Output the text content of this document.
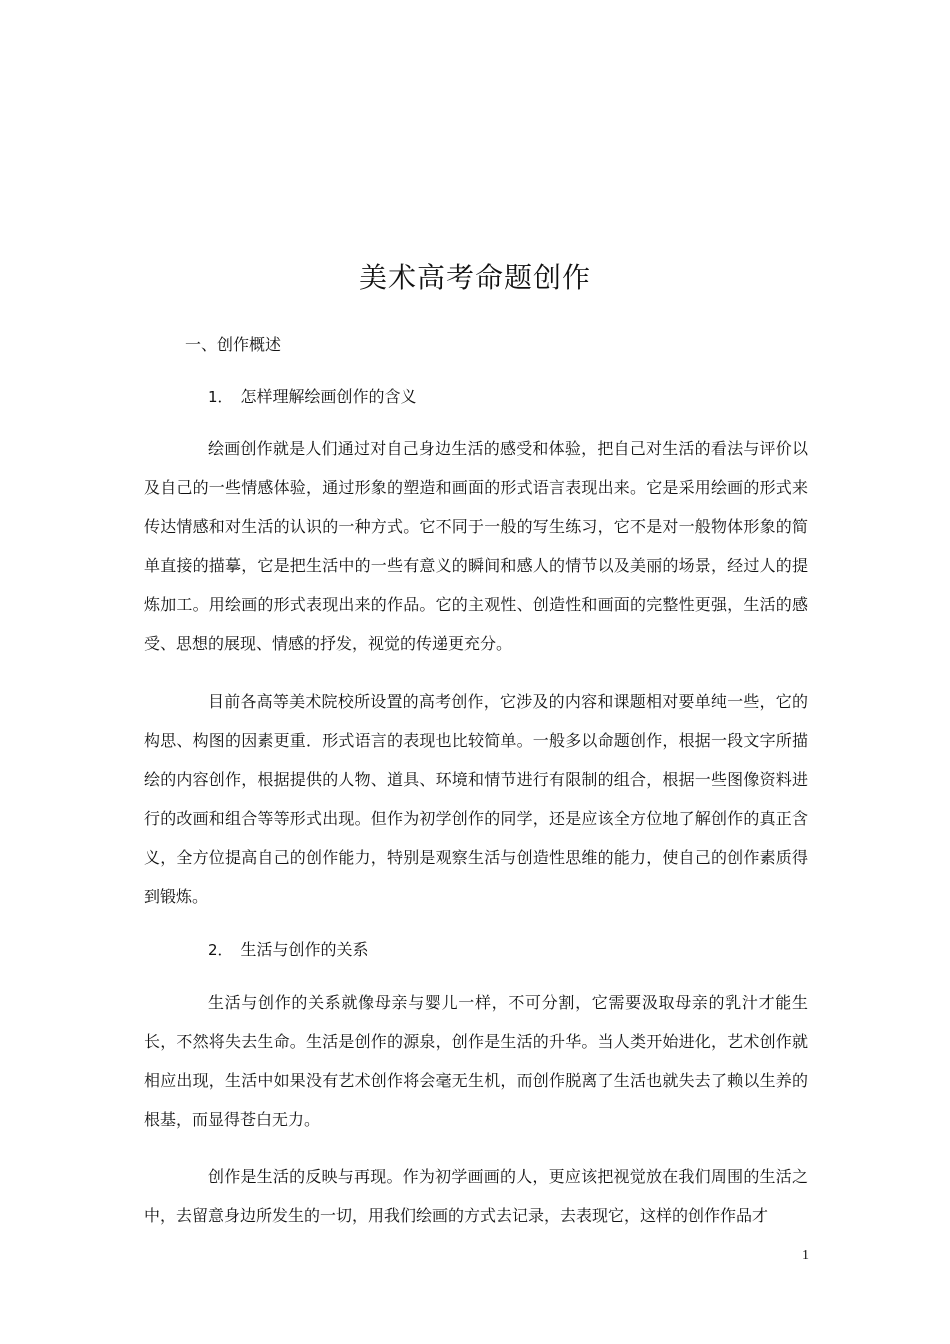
美术高考命题创作
一、创作概述
1． 怎样理解绘画创作的含义

绘画创作就是人们通过对自己身边生活的感受和体验，把自己对生活的看法与评价以及自己的一些情感体验，通过形象的塑造和画面的形式语言表现出来。它是采用绘画的形式来传达情感和对生活的认识的一种方式。它不同于一般的写生练习，它不是对一般物体形象的简单直接的描摹，它是把生活中的一些有意义的瞬间和感人的情节以及美丽的场景，经过人的提炼加工。用绘画的形式表现出来的作品。它的主观性、创造性和画面的完整性更强，生活的感受、思想的展现、情感的抒发，视觉的传递更充分。

目前各高等美术院校所设置的高考创作，它涉及的内容和课题相对要单纯一些，它的构思、构图的因素更重．形式语言的表现也比较简单。一般多以命题创作，根据一段文字所描绘的内容创作，根据提供的人物、道具、环境和情节进行有限制的组合，根据一些图像资料进行的改画和组合等等形式出现。但作为初学创作的同学，还是应该全方位地了解创作的真正含义，全方位提高自己的创作能力，特别是观察生活与创造性思维的能力，使自己的创作素质得到锻炼。

2． 生活与创作的关系

生活与创作的关系就像母亲与婴儿一样，不可分割，它需要汲取母亲的乳汁才能生长，不然将失去生命。生活是创作的源泉，创作是生活的升华。当人类开始进化，艺术创作就相应出现，生活中如果没有艺术创作将会毫无生机，而创作脱离了生活也就失去了赖以生养的根基，而显得苍白无力。

创作是生活的反映与再现。作为初学画画的人，更应该把视觉放在我们周围的生活之中，去留意身边所发生的一切，用我们绘画的方式去记录，去表现它，这样的创作作品才

1
